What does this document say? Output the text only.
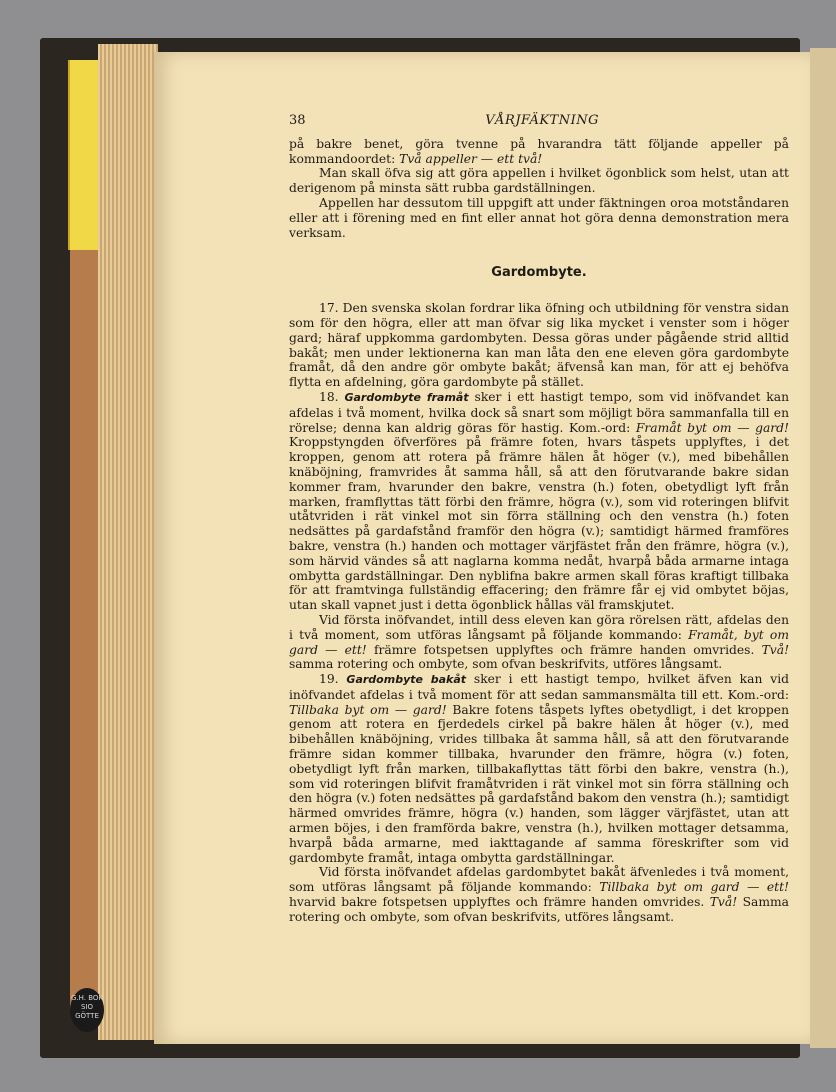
G.H. BOK SIO GÖTTE
38	VÅRJFÄKTNING

på bakre benet, göra tvenne på hvarandra tätt följande appeller på kommandoordet: Två appeller — ett två!

Man skall öfva sig att göra appellen i hvilket ögonblick som helst, utan att derigenom på minsta sätt rubba gardställningen.

Appellen har dessutom till uppgift att under fäktningen oroa motståndaren eller att i förening med en fint eller annat hot göra denna demonstration mera verksam.

Gardombyte.

17. Den svenska skolan fordrar lika öfning och utbildning för venstra sidan som för den högra, eller att man öfvar sig lika mycket i venster som i höger gard; häraf uppkomma gardombyten. Dessa göras under pågående strid alltid bakåt; men under lektionerna kan man låta den ene eleven göra gardombyte framåt, då den andre gör ombyte bakåt; äfvenså kan man, för att ej behöfva flytta en afdelning, göra gardombyte på stället.

18. Gardombyte framåt sker i ett hastigt tempo, som vid inöfvandet kan afdelas i två moment, hvilka dock så snart som möjligt böra sammanfalla till en rörelse; denna kan aldrig göras för hastig. Kom.-ord: Framåt byt om — gard! Kroppstyngden öfverföres på främre foten, hvars tåspets upplyftes, i det kroppen, genom att rotera på främre hälen åt höger (v.), med bibehållen knäböjning, framvrides åt samma håll, så att den förutvarande bakre sidan kommer fram, hvarunder den bakre, venstra (h.) foten, obetydligt lyft från marken, framflyttas tätt förbi den främre, högra (v.), som vid roteringen blifvit utåtvriden i rät vinkel mot sin förra ställning och den venstra (h.) foten nedsättes på gardafstånd framför den högra (v.); samtidigt härmed framföres bakre, venstra (h.) handen och mottager värjfästet från den främre, högra (v.), som härvid vändes så att naglarna komma nedåt, hvarpå båda armarne intaga ombytta gardställningar. Den nyblifna bakre armen skall föras kraftigt tillbaka för att framtvinga fullständig effacering; den främre får ej vid ombytet böjas, utan skall vapnet just i detta ögonblick hållas väl framskjutet.

Vid första inöfvandet, intill dess eleven kan göra rörelsen rätt, afdelas den i två moment, som utföras långsamt på följande kommando: Framåt, byt om gard — ett! främre fotspetsen upplyftes och främre handen omvrides. Två! samma rotering och ombyte, som ofvan beskrifvits, utföres långsamt.

19. Gardombyte bakåt sker i ett hastigt tempo, hvilket äfven kan vid inöfvandet afdelas i två moment för att sedan sammansmälta till ett. Kom.-ord: Tillbaka byt om — gard! Bakre fotens tåspets lyftes obetydligt, i det kroppen genom att rotera en fjerdedels cirkel på bakre hälen åt höger (v.), med bibehållen knäböjning, vrides tillbaka åt samma håll, så att den förutvarande främre sidan kommer tillbaka, hvarunder den främre, högra (v.) foten, obetydligt lyft från marken, tillbakaflyttas tätt förbi den bakre, venstra (h.), som vid roteringen blifvit framåtvriden i rät vinkel mot sin förra ställning och den högra (v.) foten nedsättes på gardafstånd bakom den venstra (h.); samtidigt härmed omvrides främre, högra (v.) handen, som lägger värjfästet, utan att armen böjes, i den framförda bakre, venstra (h.), hvilken mottager detsamma, hvarpå båda armarne, med iakttagande af samma föreskrifter som vid gardombyte framåt, intaga ombytta gardställningar.

Vid första inöfvandet afdelas gardombytet bakåt äfvenledes i två moment, som utföras långsamt på följande kommando: Tillbaka byt om gard — ett! hvarvid bakre fotspetsen upplyftes och främre handen omvrides. Två! Samma rotering och ombyte, som ofvan beskrifvits, utföres långsamt.
